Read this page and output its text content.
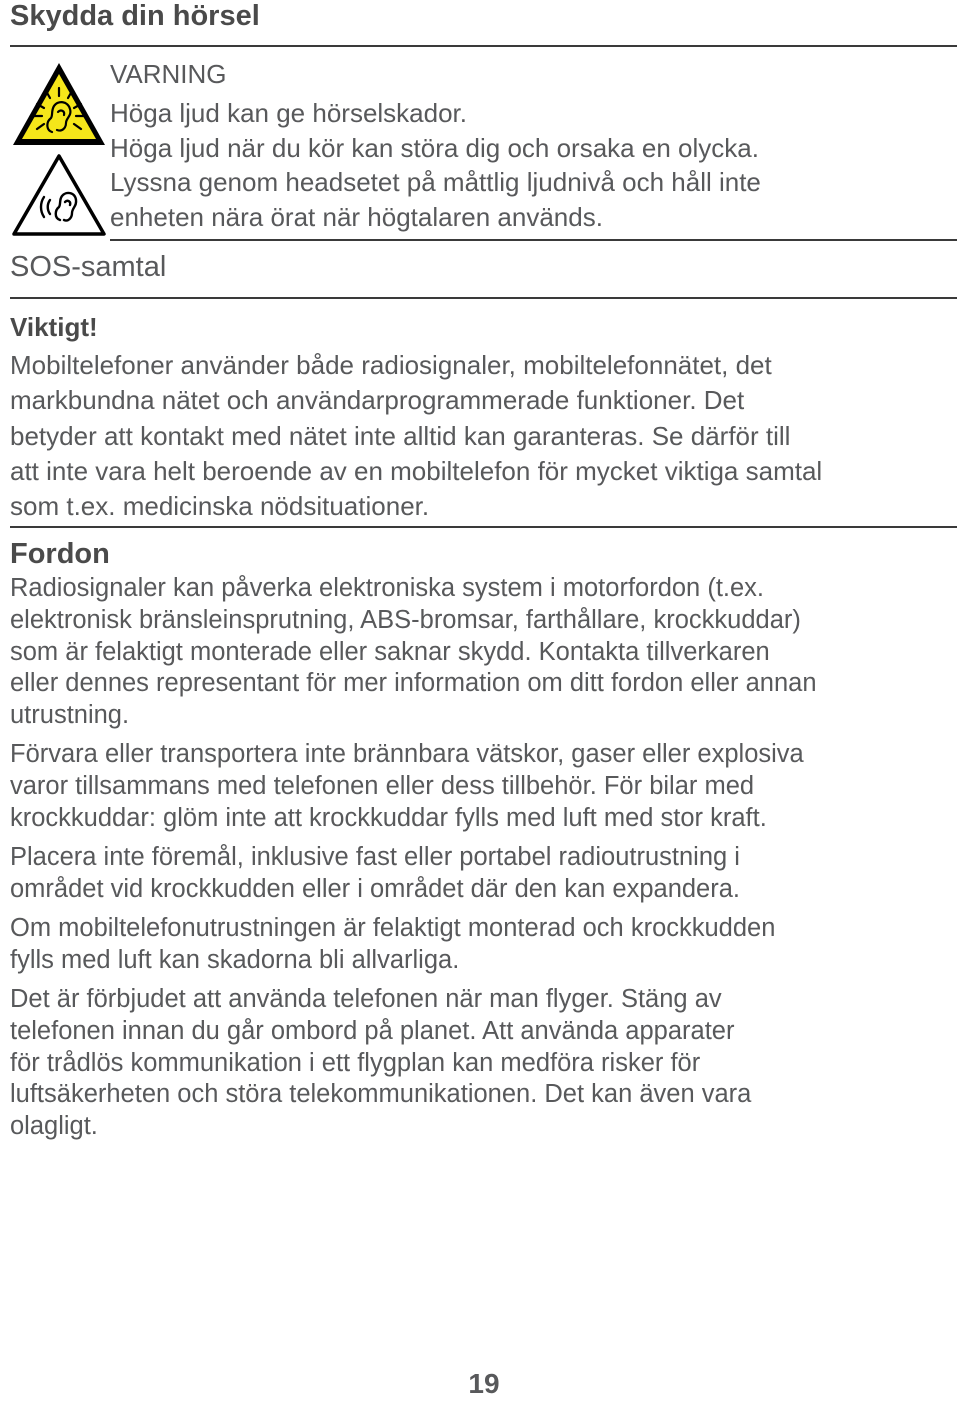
Skydda din hörsel
VARNING

Höga ljud kan ge hörselskador.

Höga ljud när du kör kan störa dig och orsaka en olycka.

Lyssna genom headsetet på måttlig ljudnivå och håll inte

enheten nära örat när högtalaren används.

SOS-samtal
Viktigt!

Mobiltelefoner använder både radiosignaler, mobiltelefonnätet, det

markbundna nätet och användarprogrammerade funktioner. Det

betyder att kontakt med nätet inte alltid kan garanteras. Se därför till

att inte vara helt beroende av en mobiltelefon för mycket viktiga samtal

som t.ex. medicinska nödsituationer.

Fordon
Radiosignaler kan påverka elektroniska system i motorfordon (t.ex.
elektronisk bränsleinsprutning, ABS-bromsar, farthållare, krockkuddar)
som är felaktigt monterade eller saknar skydd. Kontakta tillverkaren
eller dennes representant för mer information om ditt fordon eller annan
utrustning.
Förvara eller transportera inte brännbara vätskor, gaser eller explosiva
varor tillsammans med telefonen eller dess tillbehör. För bilar med
krockkuddar: glöm inte att krockkuddar fylls med luft med stor kraft.
Placera inte föremål, inklusive fast eller portabel radioutrustning i
området vid krockkudden eller i området där den kan expandera.
Om mobiltelefonutrustningen är felaktigt monterad och krockkudden
fylls med luft kan skadorna bli allvarliga.
Det är förbjudet att använda telefonen när man flyger. Stäng av
telefonen innan du går ombord på planet. Att använda apparater
för trådlös kommunikation i ett flygplan kan medföra risker för
luftsäkerheten och störa telekommunikationen. Det kan även vara
olagligt.
19
